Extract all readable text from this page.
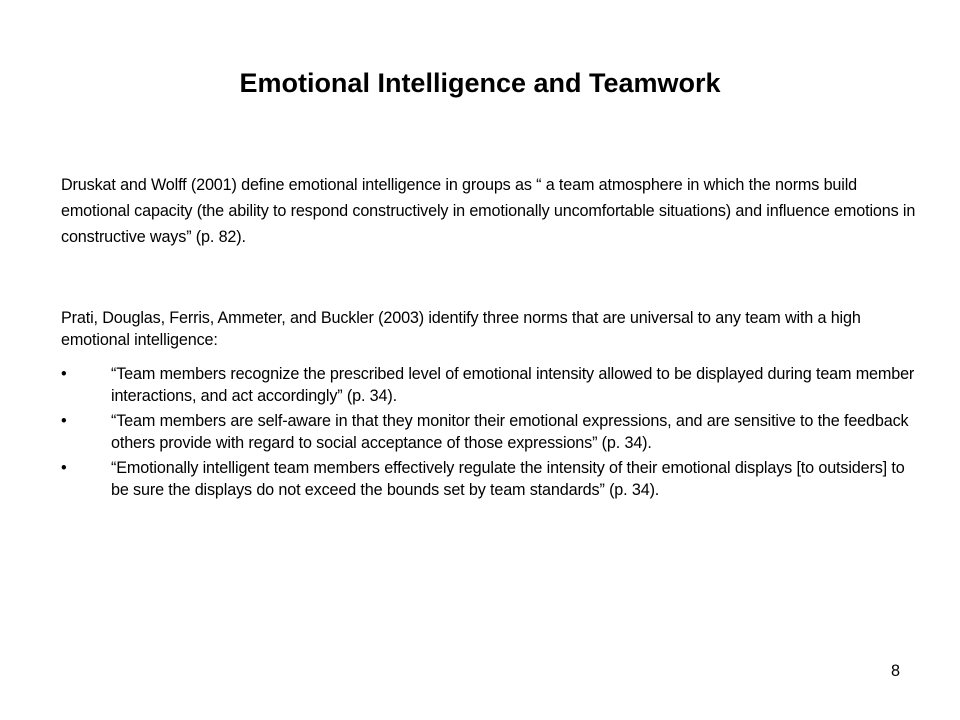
Emotional Intelligence and Teamwork

Druskat and Wolff (2001) define emotional intelligence in groups as “ a team atmosphere in which the norms build emotional capacity (the ability to respond constructively in emotionally uncomfortable situations) and influence emotions in constructive ways” (p. 82).

Prati, Douglas, Ferris, Ammeter, and Buckler (2003) identify three norms that are universal to any team with a high emotional intelligence:

•	“Team members recognize the prescribed level of emotional intensity allowed to be displayed during team member interactions, and act accordingly” (p. 34).
•	“Team members are self-aware in that they monitor their emotional expressions, and are sensitive to the feedback others provide with regard to social acceptance of those expressions” (p. 34).
•	“Emotionally intelligent team members effectively regulate the intensity of their emotional displays [to outsiders] to be sure the displays do not exceed the bounds set by team standards” (p. 34).
8
